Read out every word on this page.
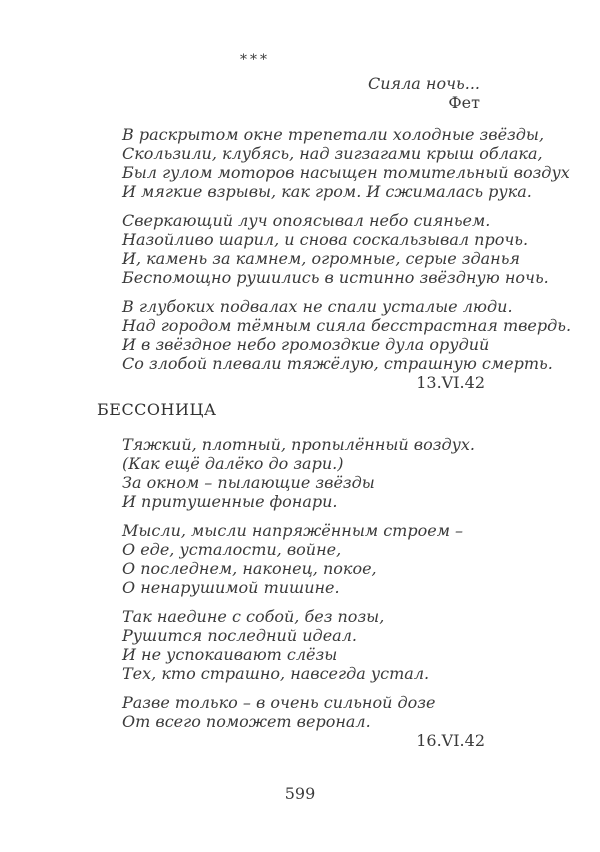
***
Сияла ночь...
Фет
В раскрытом окне трепетали холодные звёзды,
Скользили, клубясь, над зигзагами крыш облака,
Был гулом моторов насыщен томительный воздух
И мягкие взрывы, как гром. И сжималась рука.
Сверкающий луч опоясывал небо сияньем.
Назойливо шарил, и снова соскальзывал прочь.
И, камень за камнем, огромные, серые зданья
Беспомощно рушились в истинно звёздную ночь.
В глубоких подвалах не спали усталые люди.
Над городом тёмным сияла бесстрастная твердь.
И в звёздное небо громоздкие дула орудий
Со злобой плевали тяжёлую, страшную смерть.
13.VI.42
БЕССОНИЦА
Тяжкий, плотный, пропылённый воздух.
(Как ещё далёко до зари.)
За окном – пылающие звёзды
И притушенные фонари.
Мысли, мысли напряжённым строем –
О еде, усталости, войне,
О последнем, наконец, покое,
О ненарушимой тишине.
Так наедине с собой, без позы,
Рушится последний идеал.
И не успокаивают слёзы
Тех, кто страшно, навсегда устал.
Разве только – в очень сильной дозе
От всего поможет веронал.
16.VI.42
599
